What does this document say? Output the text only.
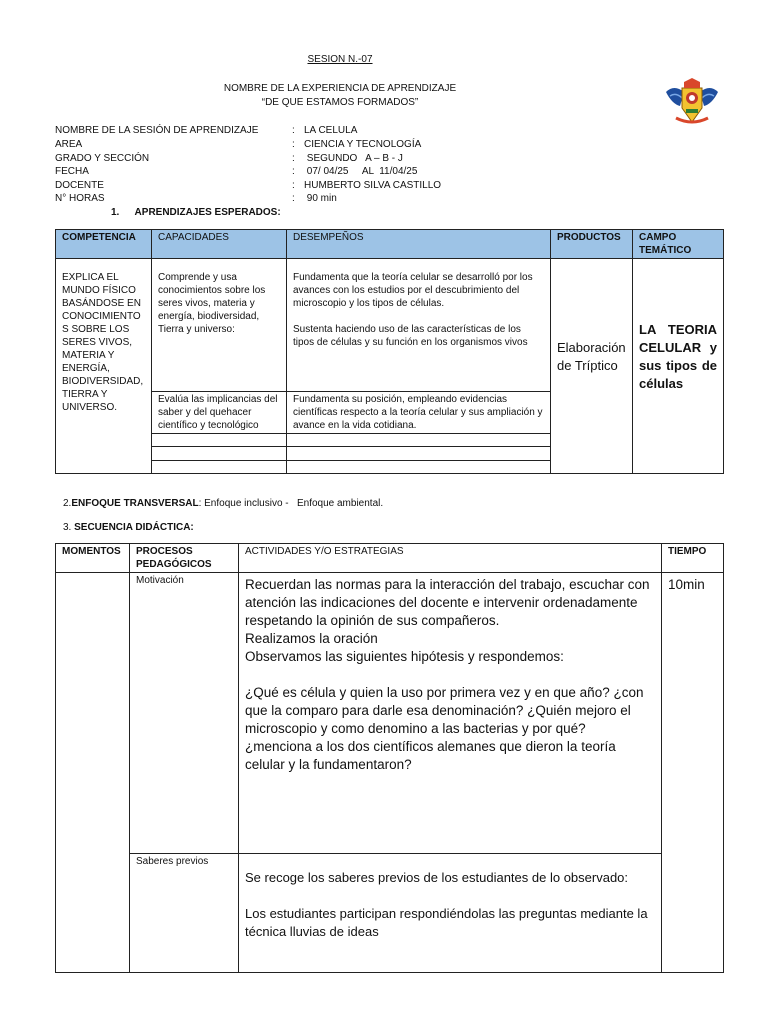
SESION N.-07
NOMBRE DE LA EXPERIENCIA DE APRENDIZAJE
“DE QUE ESTAMOS FORMADOS”
NOMBRE DE LA SESIÓN DE APRENDIZAJE	: LA CELULA
AREA	: CIENCIA Y TECNOLOGÍA
GRADO Y SECCIÓN	: SEGUNDO   A – B - J
FECHA	: 07/ 04/25     AL  11/04/25
DOCENTE	: HUMBERTO SILVA CASTILLO
N° HORAS	: 90 min
1. APRENDIZAJES ESPERADOS:
COMPETENCIA	CAPACIDADES	DESEMPEÑOS	PRODUCTOS	CAMPO TEMÁTICO
EXPLICA EL MUNDO FÍSICO BASÁNDOSE EN CONOCIMIENTO S SOBRE LOS SERES VIVOS, MATERIA Y ENERGÍA, BIODIVERSIDAD, TIERRA Y UNIVERSO.	Comprende y usa conocimientos sobre los seres vivos, materia y energía, biodiversidad, Tierra y universo:	Fundamenta que la teoría celular se desarrolló por los avances con los estudios por el descubrimiento del microscopio y los tipos de células.
Sustenta haciendo uso de las características de los tipos de células y su función en los organismos vivos	Elaboración de Tríptico	LA TEORIA CELULAR y sus tipos de células
	Evalúa las implicancias del saber y del quehacer científico y tecnológico	Fundamenta su posición, empleando evidencias científicas respecto a la teoría celular y sus ampliación y avance en la vida cotidiana.		

2.ENFOQUE TRANSVERSAL: Enfoque inclusivo -   Enfoque ambiental.
3. SECUENCIA DIDÁCTICA:
MOMENTOS	PROCESOS PEDAGÓGICOS	ACTIVIDADES Y/O ESTRATEGIAS	TIEMPO
	Motivación	Recuerdan las normas para la interacción del trabajo, escuchar con atención las indicaciones del docente e intervenir ordenadamente respetando la opinión de sus compañeros.
Realizamos la oración
Observamos las siguientes hipótesis y respondemos:
¿Qué es célula y quien la uso por primera vez y en que año? ¿con que la comparo para darle esa denominación? ¿Quién mejoro el microscopio y como denomino a las bacterias y por qué? ¿menciona a los dos científicos alemanes que dieron la teoría celular y la fundamentaron?	10min
	Saberes previos	Se recoge los saberes previos de los estudiantes de lo observado:
Los estudiantes participan respondiéndolas las preguntas mediante la técnica lluvias de ideas	
